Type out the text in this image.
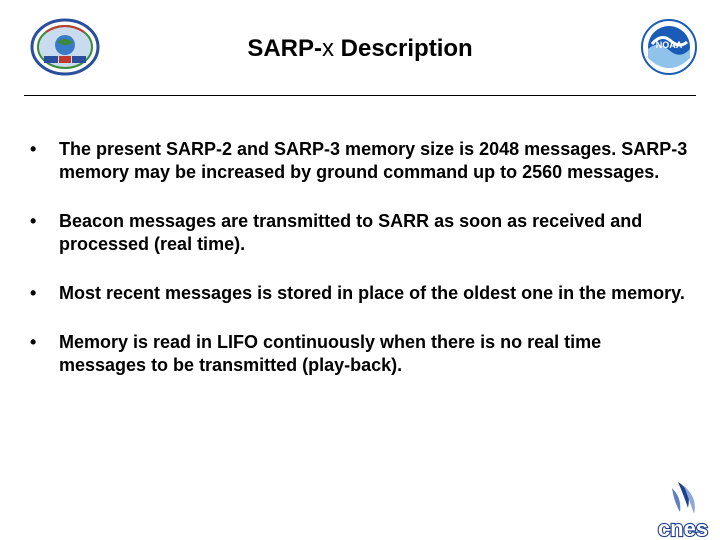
SARP-x Description	NOAA
• The present SARP-2 and SARP-3 memory size is 2048 messages. SARP-3 memory may be increased by ground command up to 2560 messages.
• Beacon messages are transmitted to SARR as soon as received and processed (real time).
• Most recent messages is stored in place of the oldest one in the memory.
• Memory is read in LIFO continuously when there is no real time messages to be transmitted (play-back).
cnes
